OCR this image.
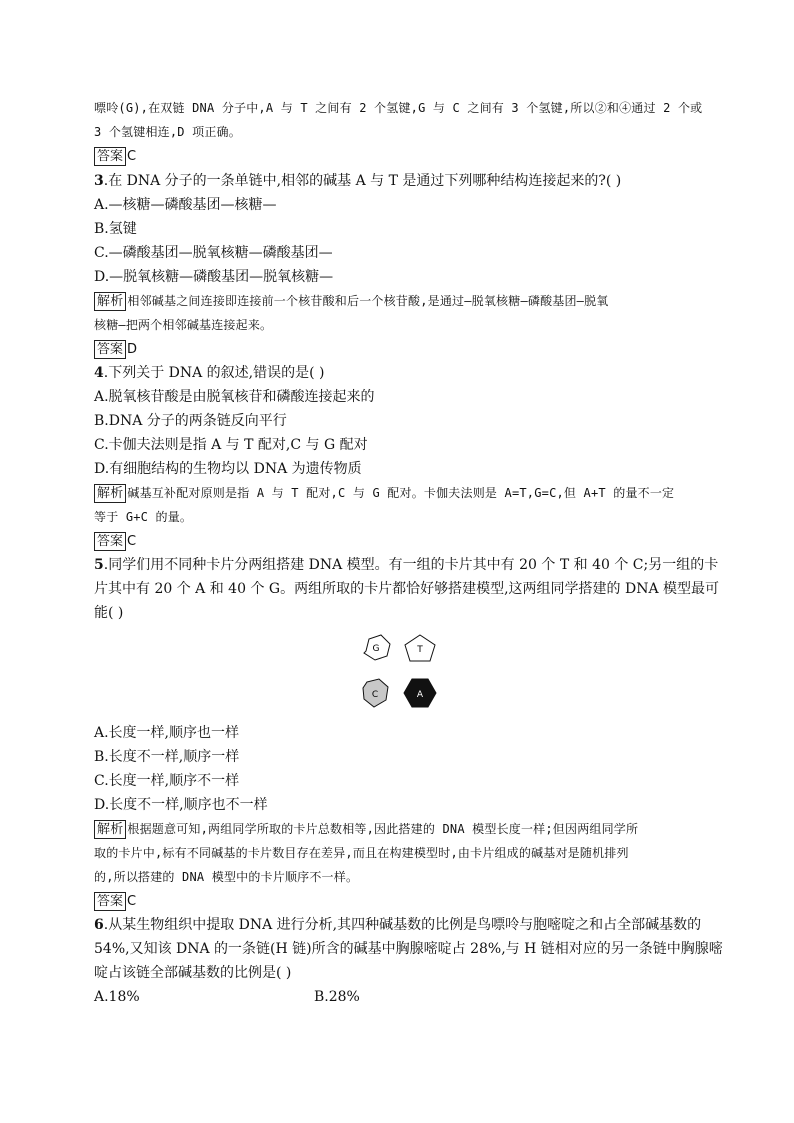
嘌呤(G),在双链 DNA 分子中,A 与 T 之间有 2 个氢键,G 与 C 之间有 3 个氢键,所以②和④通过 2 个或
3 个氢键相连,D 项正确。
答案 C
3.在 DNA 分子的一条单链中,相邻的碱基 A 与 T 是通过下列哪种结构连接起来的?( )
A.—核糖—磷酸基团—核糖—
B.氢键
C.—磷酸基团—脱氧核糖—磷酸基团—
D.—脱氧核糖—磷酸基团—脱氧核糖—
解析 相邻碱基之间连接即连接前一个核苷酸和后一个核苷酸,是通过—脱氧核糖—磷酸基团—脱氧
核糖—把两个相邻碱基连接起来。
答案 D
4.下列关于 DNA 的叙述,错误的是( )
A.脱氧核苷酸是由脱氧核苷和磷酸连接起来的
B.DNA 分子的两条链反向平行
C.卡伽夫法则是指 A 与 T 配对,C 与 G 配对
D.有细胞结构的生物均以 DNA 为遗传物质
解析 碱基互补配对原则是指 A 与 T 配对,C 与 G 配对。卡伽夫法则是 A=T,G=C,但 A+T 的量不一定
等于 G+C 的量。
答案 C
5.同学们用不同种卡片分两组搭建 DNA 模型。有一组的卡片其中有 20 个 T 和 40 个 C;另一组的卡
片其中有 20 个 A 和 40 个 G。两组所取的卡片都恰好够搭建模型,这两组同学搭建的 DNA 模型最可
能( )
G	T
C	A
A.长度一样,顺序也一样
B.长度不一样,顺序一样
C.长度一样,顺序不一样
D.长度不一样,顺序也不一样
解析 根据题意可知,两组同学所取的卡片总数相等,因此搭建的 DNA 模型长度一样;但因两组同学所
取的卡片中,标有不同碱基的卡片数目存在差异,而且在构建模型时,由卡片组成的碱基对是随机排列
的,所以搭建的 DNA 模型中的卡片顺序不一样。
答案 C
6.从某生物组织中提取 DNA 进行分析,其四种碱基数的比例是鸟嘌呤与胞嘧啶之和占全部碱基数的
54%,又知该 DNA 的一条链(H 链)所含的碱基中胸腺嘧啶占 28%,与 H 链相对应的另一条链中胸腺嘧
啶占该链全部碱基数的比例是( )
A.18%	B.28%
